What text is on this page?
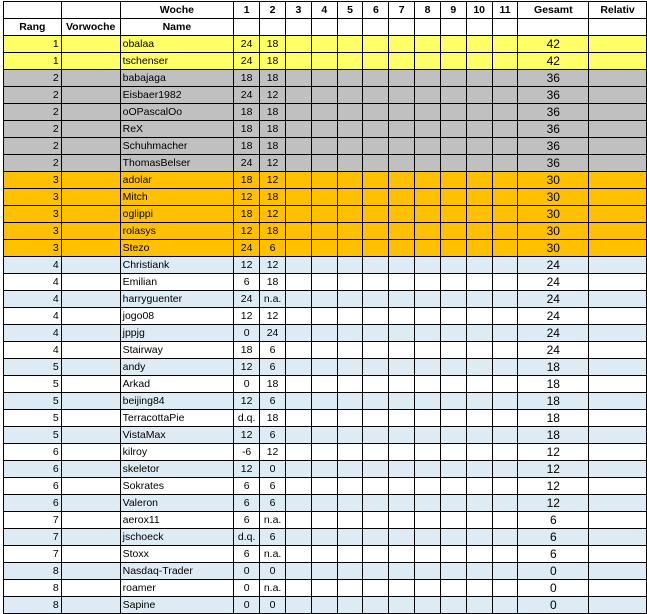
		Woche	1	2	3	4	5	6	7	8	9	10	11	Gesamt	Relativ
Rang	Vorwoche	Name													
1		obalaa	24	18										42	
1		tschenser	24	18										42	
2		babajaga	18	18										36	
2		Eisbaer1982	24	12										36	
2		oOPascalOo	18	18										36	
2		ReX	18	18										36	
2		Schuhmacher	18	18										36	
2		ThomasBelser	24	12										36	
3		adolar	18	12										30	
3		Mitch	12	18										30	
3		oglippi	18	12										30	
3		rolasys	12	18										30	
3		Stezo	24	6										30	
4		Christiank	12	12										24	
4		Emilian	6	18										24	
4		harryguenter	24	n.a.										24	
4		jogo08	12	12										24	
4		jppjg	0	24										24	
4		Stairway	18	6										24	
5		andy	12	6										18	
5		Arkad	0	18										18	
5		beijing84	12	6										18	
5		TerracottaPie	d.q.	18										18	
5		VistaMax	12	6										18	
6		kilroy	-6	12										12	
6		skeletor	12	0										12	
6		Sokrates	6	6										12	
6		Valeron	6	6										12	
7		aerox11	6	n.a.										6	
7		jschoeck	d.q.	6										6	
7		Stoxx	6	n.a.										6	
8		Nasdaq-Trader	0	0										0	
8		roamer	0	n.a.										0	
8		Sapine	0	0										0	
